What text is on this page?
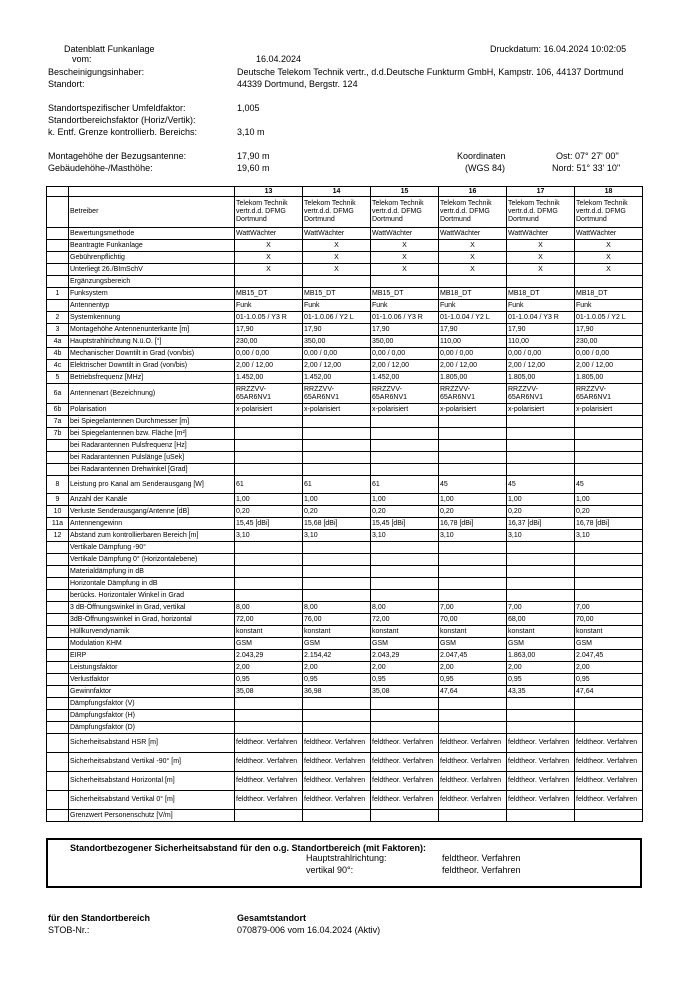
Datenblatt Funkanlage
vom:	16.04.2024
Druckdatum: 16.04.2024 10:02:05
Bescheinigungsinhaber:	Deutsche Telekom Technik vertr., d.d.Deutsche Funkturm GmbH, Kampstr. 106, 44137 Dortmund
Standort:	44339 Dortmund, Bergstr. 124
Standortspezifischer Umfeldfaktor:	1,005
Standortbereichsfaktor (Horiz/Vertik):
k. Entf. Grenze kontrollierb. Bereichs:	3,10 m
Montagehöhe der Bezugsantenne:	17,90 m
Gebäudehöhe-/Masthöhe:	19,60 m
Koordinaten
(WGS 84)
Ost: 07° 27' 00''
Nord: 51° 33' 10''
		13	14	15	16	17	18
	Betreiber	Telekom Technik
vertr.d.d. DFMG
Dortmund	Telekom Technik
vertr.d.d. DFMG
Dortmund	Telekom Technik
vertr.d.d. DFMG
Dortmund	Telekom Technik
vertr.d.d. DFMG
Dortmund	Telekom Technik
vertr.d.d. DFMG
Dortmund	Telekom Technik
vertr.d.d. DFMG
Dortmund
	Bewertungsmethode	WattWächter	WattWächter	WattWächter	WattWächter	WattWächter	WattWächter
	Beantragte Funkanlage	X	X	X	X	X	X
	Gebührenpflichtig	X	X	X	X	X	X
	Unterliegt 26./BImSchV	X	X	X	X	X	X
	Ergänzungsbereich						
1	Funksystem	MB15_DT	MB15_DT	MB15_DT	MB18_DT	MB18_DT	MB18_DT
	Antennentyp	Funk	Funk	Funk	Funk	Funk	Funk
2	Systemkennung	01-1.0.05 / Y3 R	01-1.0.06 / Y2 L	01-1.0.06 / Y3 R	01-1.0.04 / Y2 L	01-1.0.04 / Y3 R	01-1.0.05 / Y2 L
3	Montagehöhe Antennenunterkante [m]	17,90	17,90	17,90	17,90	17,90	17,90
4a	Hauptstrahlrichtung N.ü.O. [°]	230,00	350,00	350,00	110,00	110,00	230,00
4b	Mechanischer Downtilt in Grad (von/bis)	0,00 / 0,00	0,00 / 0,00	0,00 / 0,00	0,00 / 0,00	0,00 / 0,00	0,00 / 0,00
4c	Elektrischer Downtilt in Grad (von/bis)	2,00 / 12,00	2,00 / 12,00	2,00 / 12,00	2,00 / 12,00	2,00 / 12,00	2,00 / 12,00
5	Betriebsfrequenz [MHz]	1.452,00	1.452,00	1.452,00	1.805,00	1.805,00	1.805,00
6a	Antennenart (Bezeichnung)	RRZZVV-
65AR6NV1	RRZZVV-
65AR6NV1	RRZZVV-
65AR6NV1	RRZZVV-
65AR6NV1	RRZZVV-
65AR6NV1	RRZZVV-
65AR6NV1
6b	Polarisation	x-polarisiert	x-polarisiert	x-polarisiert	x-polarisiert	x-polarisiert	x-polarisiert
7a	bei Spiegelantennen Durchmesser [m]						
7b	bei Spiegelantennen bzw. Fläche [m²]						
	bei Radarantennen Pulsfrequenz [Hz]						
	bei Radarantennen Pulslänge [uSek]						
	bei Radarantennen Drehwinkel [Grad]						
8	Leistung pro Kanal am Senderausgang [W]	61	61	61	45	45	45
9	Anzahl der Kanäle	1,00	1,00	1,00	1,00	1,00	1,00
10	Verluste Senderausgang/Antenne [dB]	0,20	0,20	0,20	0,20	0,20	0,20
11a	Antennengewinn	15,45 [dBi]	15,68 [dBi]	15,45 [dBi]	16,78 [dBi]	16,37 [dBi]	16,78 [dBi]
12	Abstand zum kontrollierbaren Bereich [m]	3,10	3,10	3,10	3,10	3,10	3,10
	Vertikale Dämpfung -90°						
	Vertikale Dämpfung 0° (Horizontalebene)						
	Materialdämpfung in dB						
	Horizontale Dämpfung in dB						
	berücks. Horizontaler Winkel in Grad						
	3 dB-Öffnungswinkel in Grad, vertikal	8,00	8,00	8,00	7,00	7,00	7,00
	3dB-Öffnungswinkel in Grad, horizontal	72,00	76,00	72,00	70,00	68,00	70,00
	Hüllkurvendynamik	konstant	konstant	konstant	konstant	konstant	konstant
	Modulation KHM	GSM	GSM	GSM	GSM	GSM	GSM
	EIRP	2.043,29	2.154,42	2.043,29	2.047,45	1.863,00	2.047,45
	Leistungsfaktor	2,00	2,00	2,00	2,00	2,00	2,00
	Verlustfaktor	0,95	0,95	0,95	0,95	0,95	0,95
	Gewinnfaktor	35,08	36,98	35,08	47,64	43,35	47,64
	Dämpfungsfaktor (V)						
	Dämpfungsfaktor (H)						
	Dämpfungsfaktor (D)						
	Sicherheitsabstand HSR [m]	feldtheor. Verfahren	feldtheor. Verfahren	feldtheor. Verfahren	feldtheor. Verfahren	feldtheor. Verfahren	feldtheor. Verfahren
	Sicherheitsabstand Vertikal -90° [m]	feldtheor. Verfahren	feldtheor. Verfahren	feldtheor. Verfahren	feldtheor. Verfahren	feldtheor. Verfahren	feldtheor. Verfahren
	Sicherheitsabstand Horizontal [m]	feldtheor. Verfahren	feldtheor. Verfahren	feldtheor. Verfahren	feldtheor. Verfahren	feldtheor. Verfahren	feldtheor. Verfahren
	Sicherheitsabstand Vertikal 0° [m]	feldtheor. Verfahren	feldtheor. Verfahren	feldtheor. Verfahren	feldtheor. Verfahren	feldtheor. Verfahren	feldtheor. Verfahren
	Grenzwert Personenschutz [V/m]						
Standortbezogener Sicherheitsabstand für den o.g. Standortbereich (mit Faktoren):
Hauptstrahlrichtung:	feldtheor. Verfahren
vertikal 90°:	feldtheor. Verfahren
für den Standortbereich
STOB-Nr.:
Gesamtstandort
070879-006 vom 16.04.2024 (Aktiv)
